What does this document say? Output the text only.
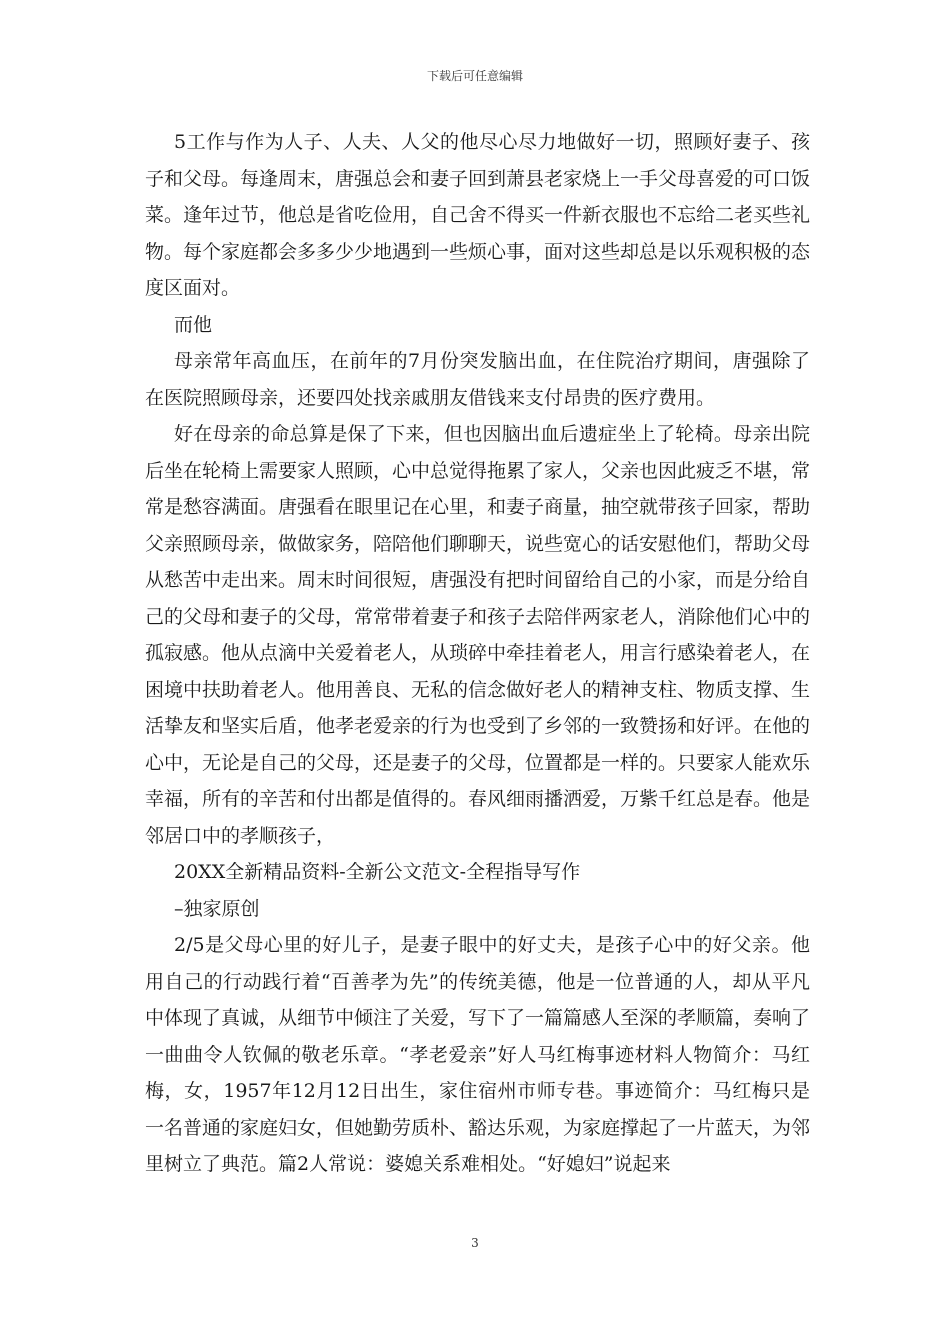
下载后可任意编辑

5工作与作为人子、人夫、人父的他尽心尽力地做好一切，照顾好妻子、孩子和父母。每逢周末，唐强总会和妻子回到萧县老家烧上一手父母喜爱的可口饭菜。逢年过节，他总是省吃俭用，自己舍不得买一件新衣服也不忘给二老买些礼物。每个家庭都会多多少少地遇到一些烦心事，面对这些却总是以乐观积极的态度区面对。

而他

母亲常年高血压，在前年的7月份突发脑出血，在住院治疗期间，唐强除了在医院照顾母亲，还要四处找亲戚朋友借钱来支付昂贵的医疗费用。

好在母亲的命总算是保了下来，但也因脑出血后遗症坐上了轮椅。母亲出院后坐在轮椅上需要家人照顾，心中总觉得拖累了家人，父亲也因此疲乏不堪，常常是愁容满面。唐强看在眼里记在心里，和妻子商量，抽空就带孩子回家，帮助父亲照顾母亲，做做家务，陪陪他们聊聊天，说些宽心的话安慰他们，帮助父母从愁苦中走出来。周末时间很短，唐强没有把时间留给自己的小家，而是分给自己的父母和妻子的父母，常常带着妻子和孩子去陪伴两家老人，消除他们心中的孤寂感。他从点滴中关爱着老人，从琐碎中牵挂着老人，用言行感染着老人，在困境中扶助着老人。他用善良、无私的信念做好老人的精神支柱、物质支撑、生活挚友和坚实后盾，他孝老爱亲的行为也受到了乡邻的一致赞扬和好评。在他的心中，无论是自己的父母，还是妻子的父母，位置都是一样的。只要家人能欢乐幸福，所有的辛苦和付出都是值得的。春风细雨播洒爱，万紫千红总是春。他是邻居口中的孝顺孩子，

20XX全新精品资料-全新公文范文-全程指导写作

–独家原创

2/5是父母心里的好儿子，是妻子眼中的好丈夫，是孩子心中的好父亲。他用自己的行动践行着“百善孝为先”的传统美德，他是一位普通的人，却从平凡中体现了真诚，从细节中倾注了关爱，写下了一篇篇感人至深的孝顺篇，奏响了一曲曲令人钦佩的敬老乐章。“孝老爱亲”好人马红梅事迹材料人物简介：马红梅，女，1957年12月12日出生，家住宿州市师专巷。事迹简介：马红梅只是一名普通的家庭妇女，但她勤劳质朴、豁达乐观，为家庭撑起了一片蓝天，为邻里树立了典范。篇2人常说：婆媳关系难相处。“好媳妇”说起来

3
